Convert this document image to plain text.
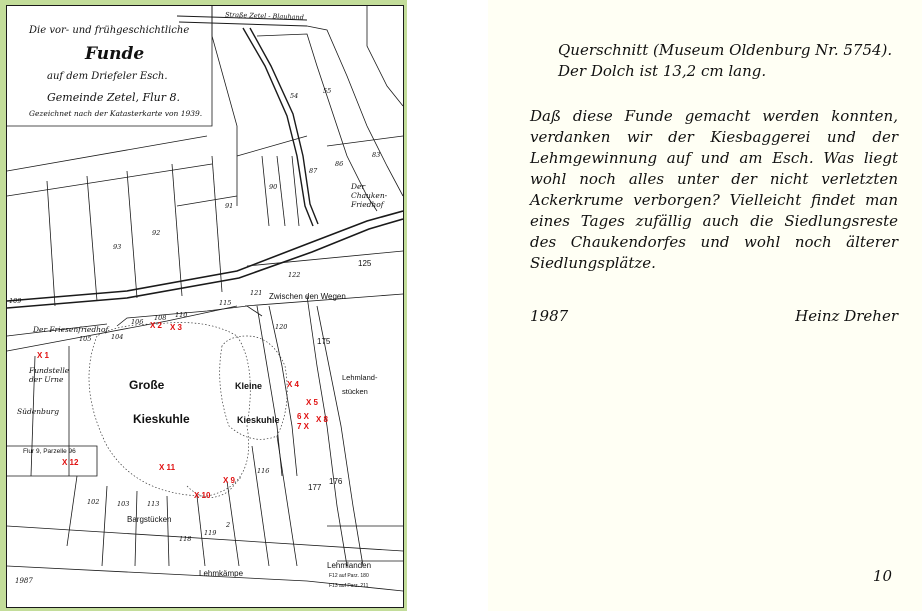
Die vor- und frühgeschichtliche
Funde
auf dem Driefeler Esch.
Gemeinde Zetel, Flur 8.
Gezeichnet nach der Katasterkarte von 1939.
Straße Zetel - Blauhand
54
55
83
86
87
90
91
92
93
125
122
121
115
110
108
106
105	104
120
109
175
116
177
176
102	103	113
118
119
2
Der
Chauken-
Friedhof
Zwischen den Wegen
Der Friesenfriedhof
Fundstelle
der Urne
Südenburg
Große
Kieskuhle
Kleine
Kieskuhle
Lehmland-
stücken
Flur 9, Parzelle 96
Bargstücken
Lehmkämpe
Lehmlanden
F12 auf Parz. 180
F13 auf Parz. 211
1987
X 1
X 2 X 3
X 4
X 5
6 X
7 X
X 8
X 9
X 10
X 11
X 12
Querschnitt (Museum Oldenburg Nr. 5754).
Der Dolch ist 13,2 cm lang.
Daß diese Funde gemacht werden konnten, verdanken wir der Kiesbaggerei und der Lehmgewinnung auf und am Esch. Was liegt wohl noch alles unter der nicht verletzten Ackerkrume verborgen? Vielleicht findet man eines Tages zufällig auch die Siedlungsreste des Chaukendorfes und wohl noch älterer Siedlungsplätze.
1987	Heinz Dreher
10
